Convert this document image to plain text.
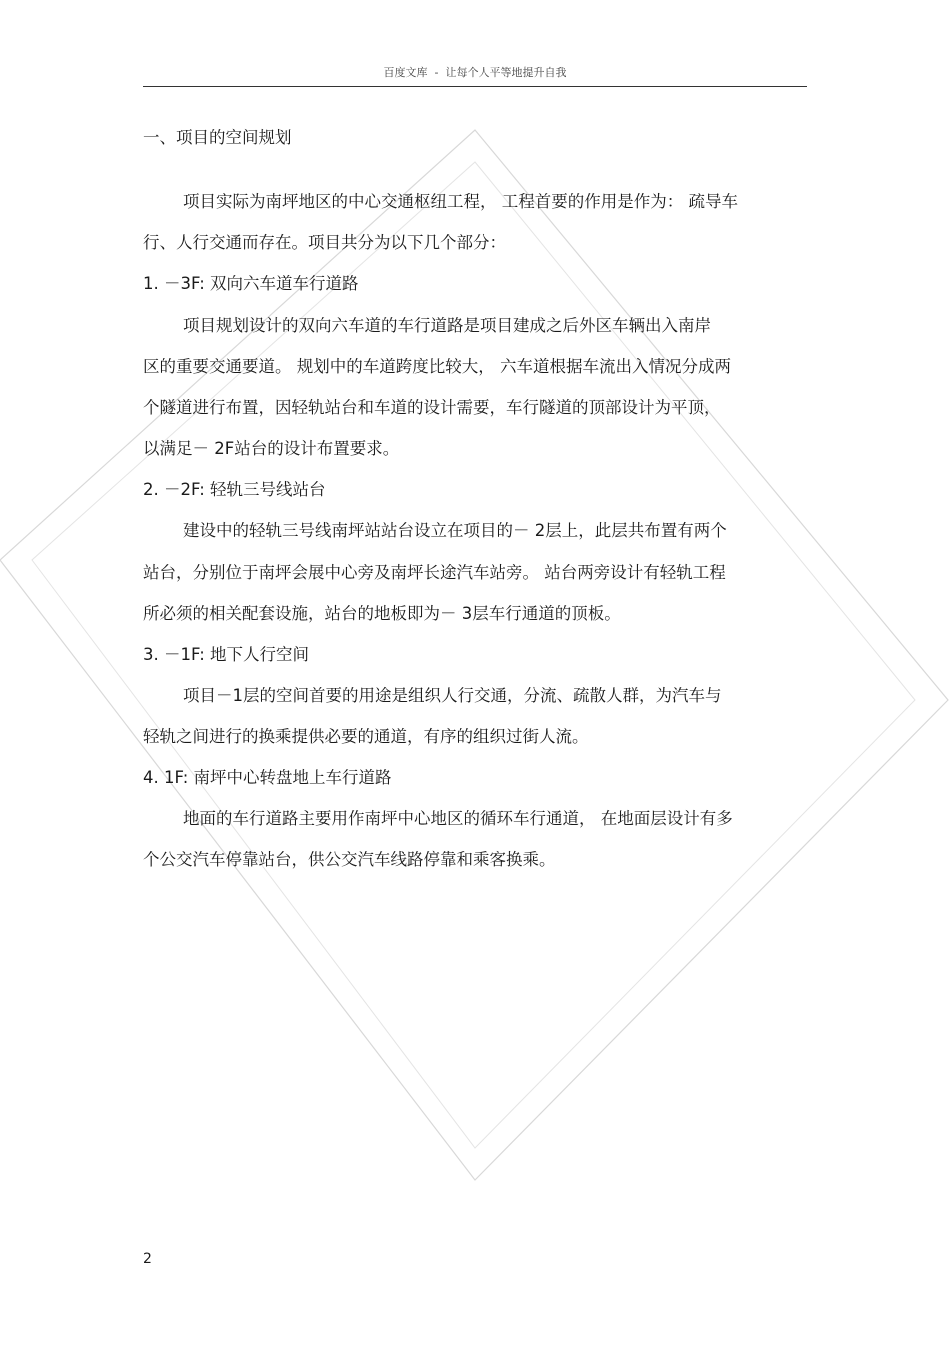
百度文库  -  让每个人平等地提升自我
一、项目的空间规划
项目实际为南坪地区的中心交通枢纽工程， 工程首要的作用是作为： 疏导车
行、人行交通而存在。项目共分为以下几个部分：
1. －3F: 双向六车道车行道路
项目规划设计的双向六车道的车行道路是项目建成之后外区车辆出入南岸
区的重要交通要道。 规划中的车道跨度比较大， 六车道根据车流出入情况分成两
个隧道进行布置，因轻轨站台和车道的设计需要，车行隧道的顶部设计为平顶，
以满足－ 2F站台的设计布置要求。
2. －2F: 轻轨三号线站台
建设中的轻轨三号线南坪站站台设立在项目的－ 2层上，此层共布置有两个
站台，分别位于南坪会展中心旁及南坪长途汽车站旁。 站台两旁设计有轻轨工程
所必须的相关配套设施，站台的地板即为－ 3层车行通道的顶板。
3. －1F: 地下人行空间
项目－1层的空间首要的用途是组织人行交通，分流、疏散人群，为汽车与
轻轨之间进行的换乘提供必要的通道，有序的组织过街人流。
4. 1F: 南坪中心转盘地上车行道路
地面的车行道路主要用作南坪中心地区的循环车行通道， 在地面层设计有多
个公交汽车停靠站台，供公交汽车线路停靠和乘客换乘。
2
